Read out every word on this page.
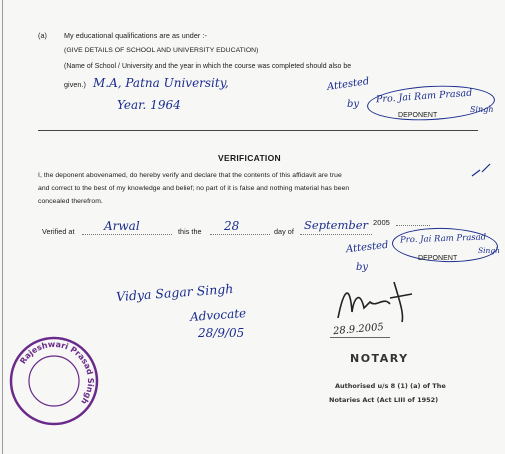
(a) My educational qualifications are as under :-
(GIVE DETAILS OF SCHOOL AND UNIVERSITY EDUCATION)
(Name of School / University and the year in which the course was completed should also be
given.) M.A, Patna University,
Year. 1964
Attested
by Pro. Jai Ram Prasad
Singh
DEPONENT
VERIFICATION
I, the deponent abovenamed, do hereby verify and declare that the contents of this affidavit are true
and correct to the best of my knowledge and belief; no part of it is false and nothing material has been
concealed therefrom.
Verified at Arwal	this the 28	day of September 2005
Attested
by
Pro. Jai Ram Prasad
Singh
DEPONENT
Vidya Sagar Singh
Advocate
28/9/05	28.9.2005
NOTARY
Authorised u/s 8 (1) (a) of The
Notaries Act (Act LIII of 1952)
Rajeshwari Prasad Singh
